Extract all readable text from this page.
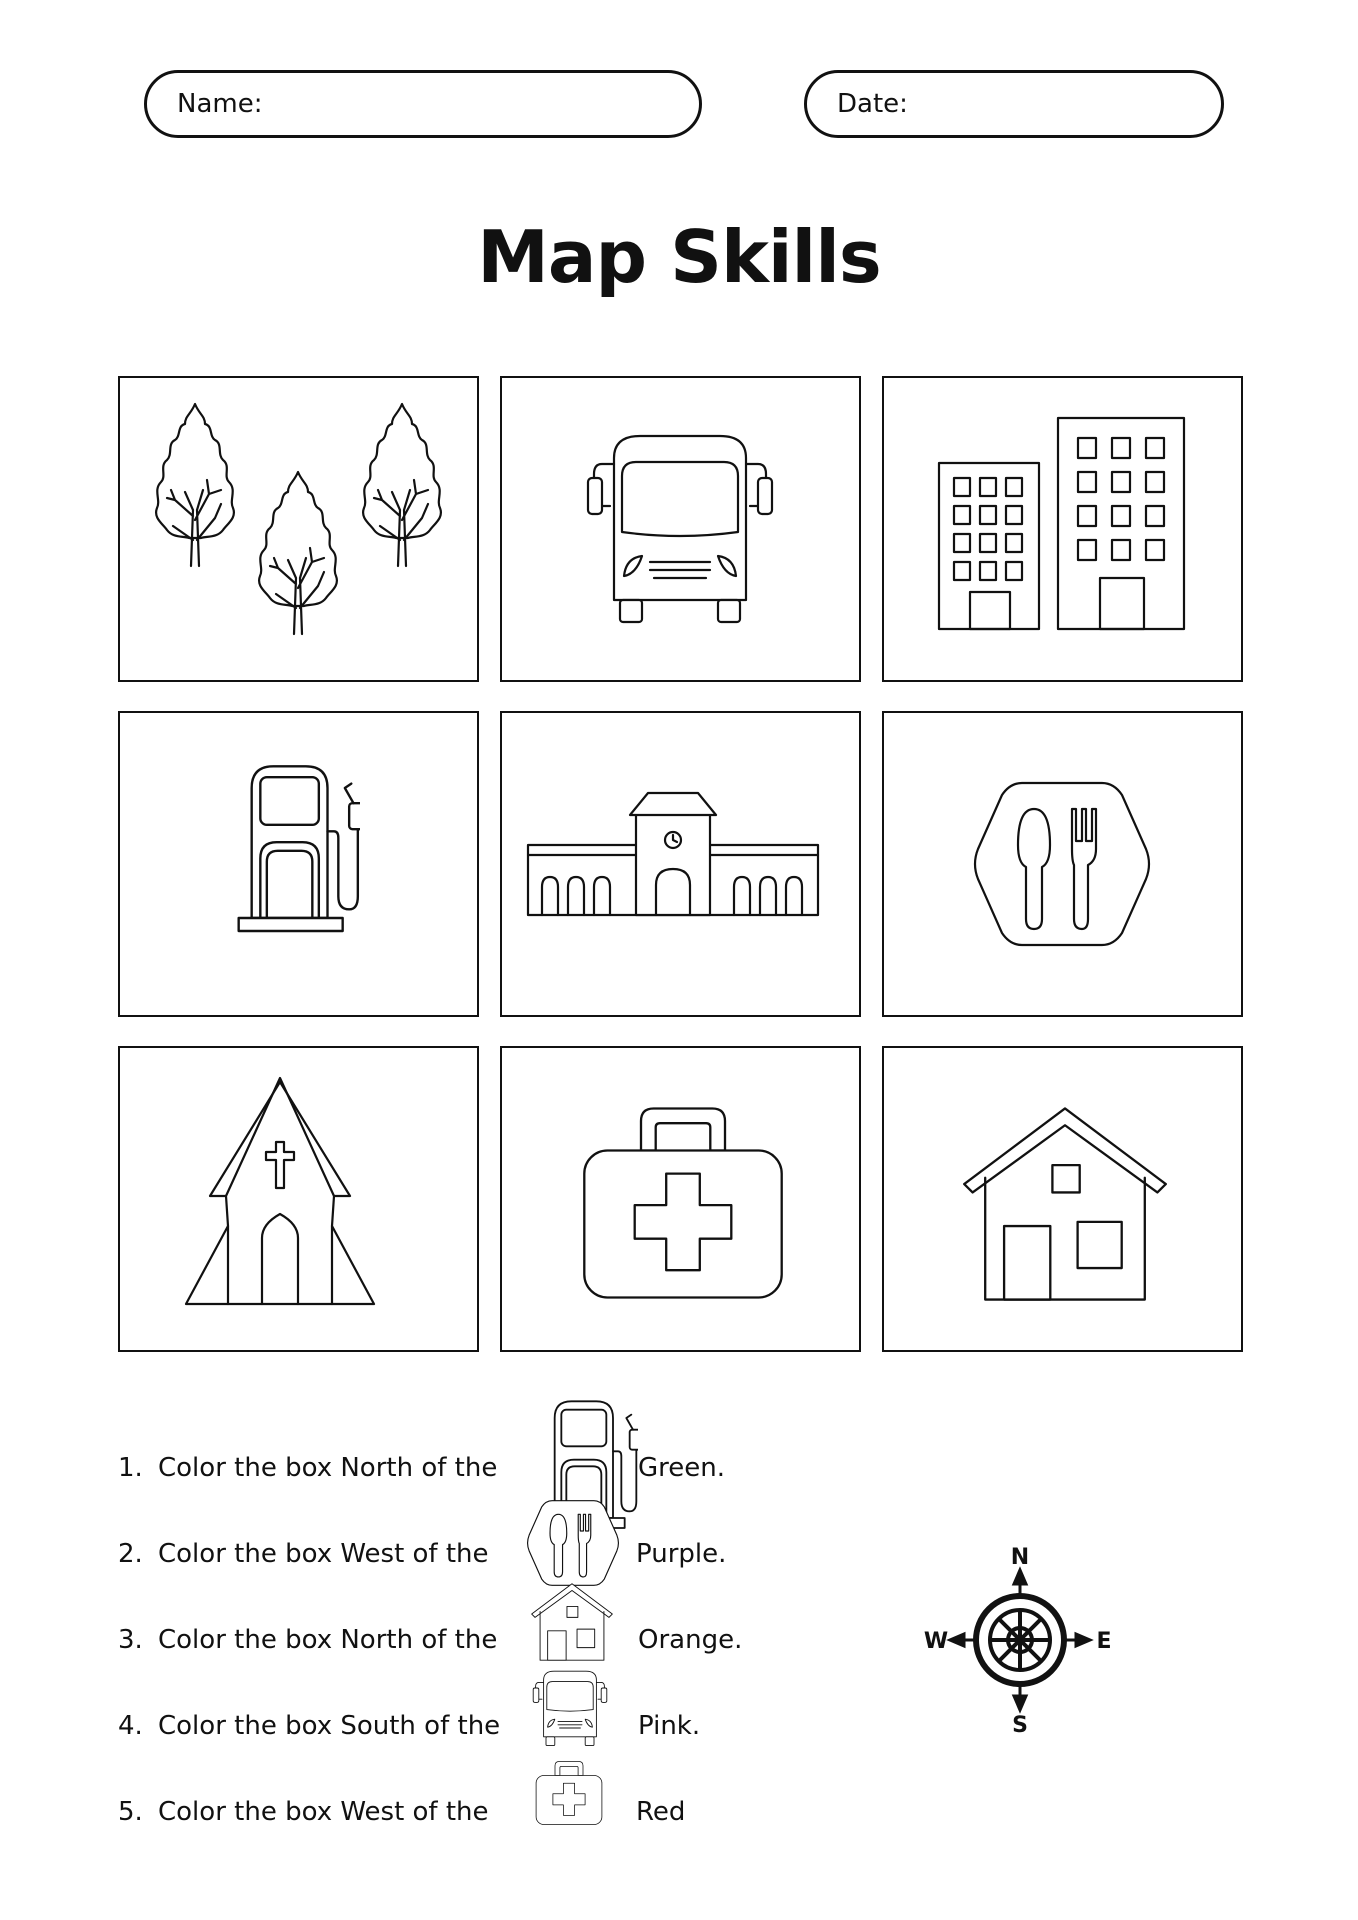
Name:	Date:
Map Skills
1. Color the box North of the	Green.
2. Color the box West of the	Purple.
3. Color the box North of the	Orange.
4. Color the box South of the	Pink.
5. Color the box West of the	Red
N
S
W	E
